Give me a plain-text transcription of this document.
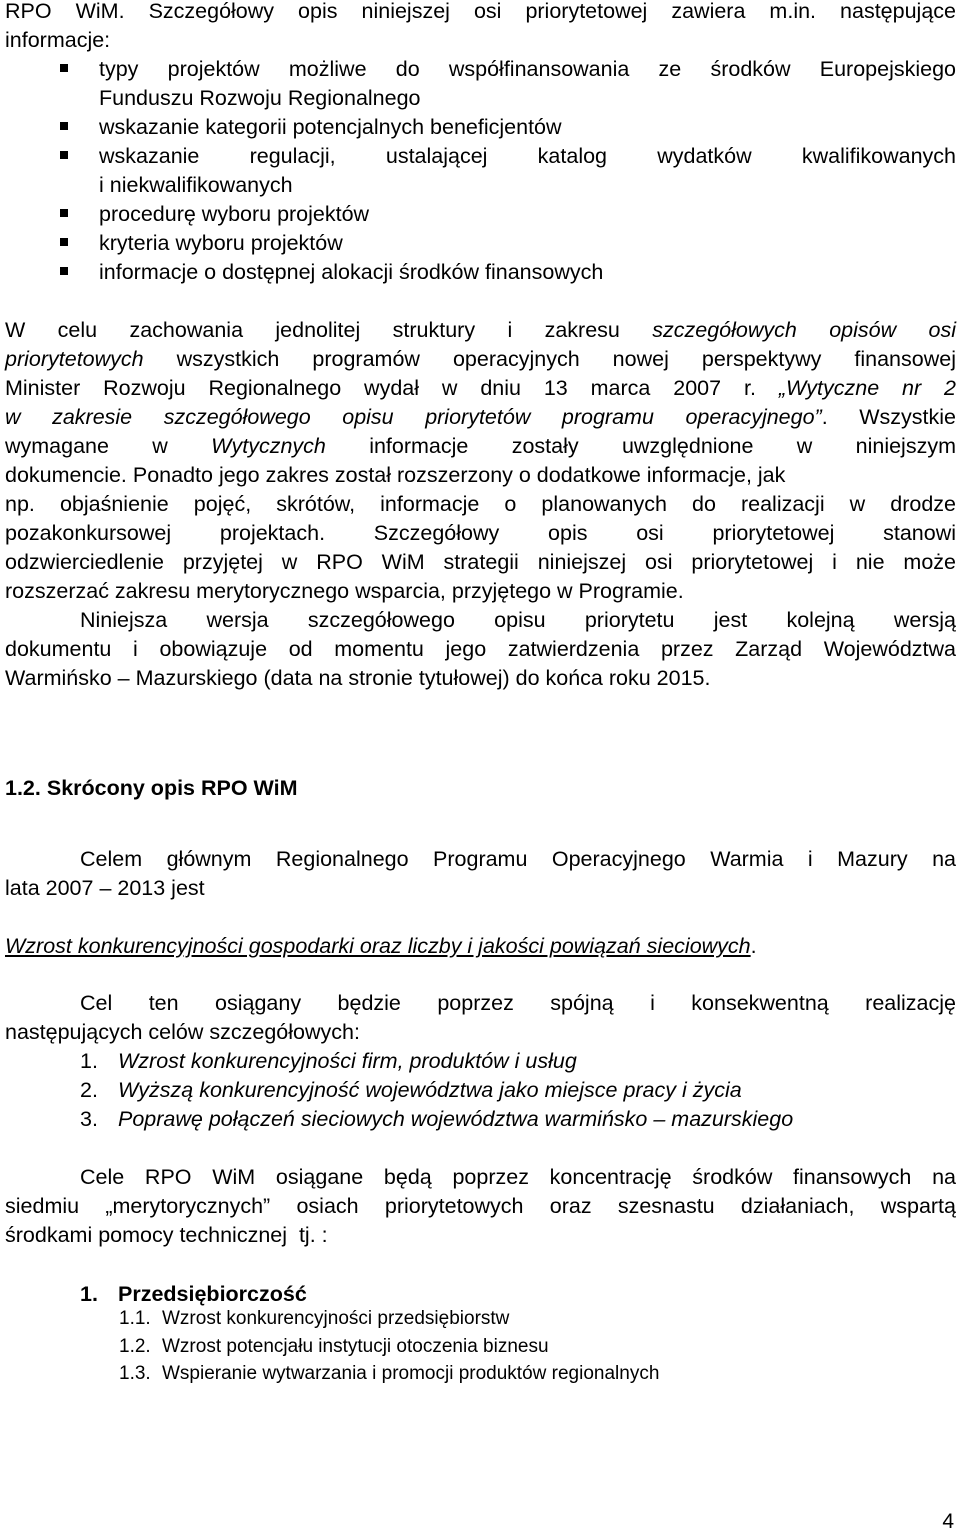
RPO WiM. Szczegółowy opis niniejszej osi priorytetowej zawiera m.in. następujące

informacje:

typy projektów możliwe do współfinansowania ze środków Europejskiego
Funduszu Rozwoju Regionalnego
wskazanie kategorii potencjalnych beneficjentów
wskazanie regulacji, ustalającej katalog wydatków kwalifikowanych
i niekwalifikowanych
procedurę wyboru projektów
kryteria wyboru projektów
informacje o dostępnej alokacji środków finansowych

W celu zachowania jednolitej struktury i zakresu szczegółowych opisów osi

priorytetowych wszystkich programów operacyjnych nowej perspektywy finansowej

Minister Rozwoju Regionalnego wydał w dniu 13 marca 2007 r. „Wytyczne nr 2

w zakresie szczegółowego opisu priorytetów programu operacyjnego”. Wszystkie

wymagane w Wytycznych informacje zostały uwzględnione w niniejszym

dokumencie. Ponadto jego zakres został rozszerzony o dodatkowe informacje, jak

np. objaśnienie pojęć, skrótów, informacje o planowanych do realizacji w drodze

pozakonkursowej projektach. Szczegółowy opis osi priorytetowej stanowi

odzwierciedlenie przyjętej w RPO WiM strategii niniejszej osi priorytetowej i nie może

rozszerzać zakresu merytorycznego wsparcia, przyjętego w Programie.

Niniejsza wersja szczegółowego opisu priorytetu jest kolejną wersją

dokumentu i obowiązuje od momentu jego zatwierdzenia przez Zarząd Województwa

Warmińsko – Mazurskiego (data na stronie tytułowej) do końca roku 2015.

1.2. Skrócony opis RPO WiM

Celem głównym Regionalnego Programu Operacyjnego Warmia i Mazury na

lata 2007 – 2013 jest

Wzrost konkurencyjności gospodarki oraz liczby i jakości powiązań sieciowych.

Cel ten osiągany będzie poprzez spójną i konsekwentną realizację

następujących celów szczegółowych:

1. Wzrost konkurencyjności firm, produktów i usług
2. Wyższą konkurencyjność województwa jako miejsce pracy i życia
3. Poprawę połączeń sieciowych województwa warmińsko – mazurskiego

Cele RPO WiM osiągane będą poprzez koncentrację środków finansowych na

siedmiu „merytorycznych” osiach priorytetowych oraz szesnastu działaniach, wspartą

środkami pomocy technicznej  tj. :

1. Przedsiębiorczość
1.1. Wzrost konkurencyjności przedsiębiorstw
1.2. Wzrost potencjału instytucji otoczenia biznesu
1.3. Wspieranie wytwarzania i promocji produktów regionalnych
4
